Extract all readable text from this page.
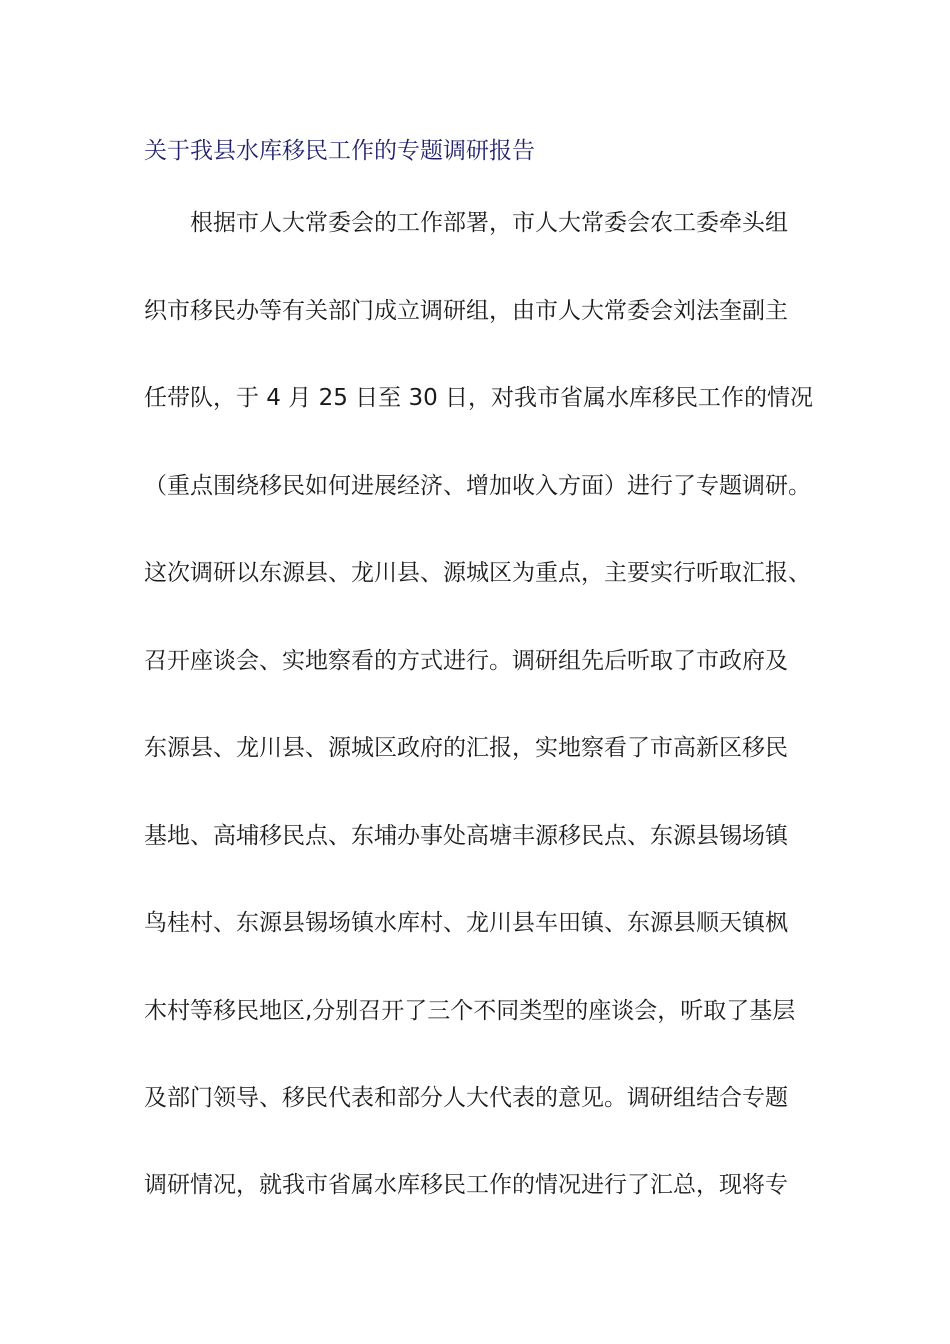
关于我县水库移民工作的专题调研报告
根据市人大常委会的工作部署，市人大常委会农工委牵头组
织市移民办等有关部门成立调研组，由市人大常委会刘法奎副主
任带队，于 4 月 25 日至 30 日，对我市省属水库移民工作的情况
（重点围绕移民如何进展经济、增加收入方面）进行了专题调研。
这次调研以东源县、龙川县、源城区为重点，主要实行听取汇报、
召开座谈会、实地察看的方式进行。调研组先后听取了市政府及
东源县、龙川县、源城区政府的汇报，实地察看了市高新区移民
基地、高埔移民点、东埔办事处高塘丰源移民点、东源县锡场镇
鸟桂村、东源县锡场镇水库村、龙川县车田镇、东源县顺天镇枫
木村等移民地区,分别召开了三个不同类型的座谈会，听取了基层
及部门领导、移民代表和部分人大代表的意见。调研组结合专题
调研情况，就我市省属水库移民工作的情况进行了汇总，现将专
